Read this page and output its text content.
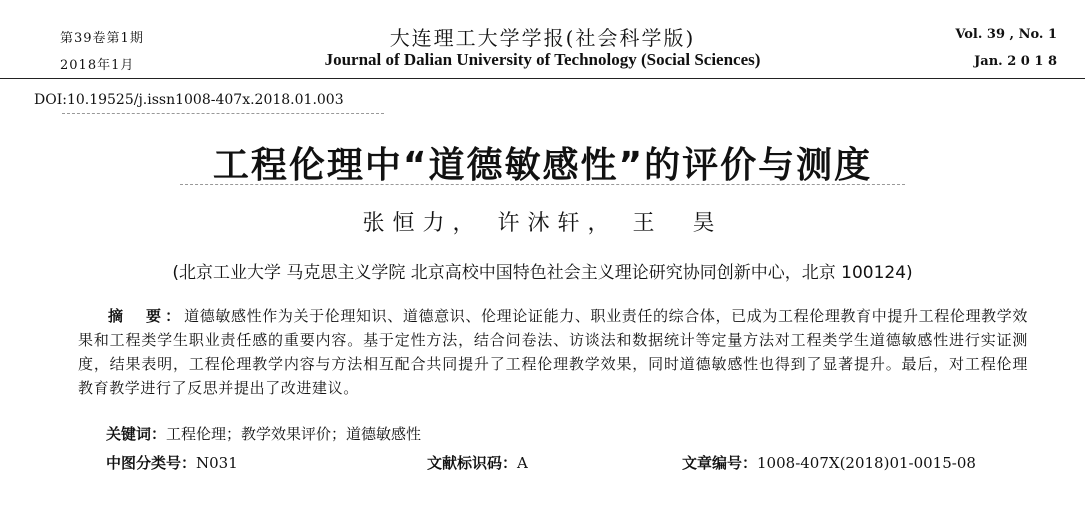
第39卷第1期
2018年1月
大连理工大学学报(社会科学版)
Journal of Dalian University of Technology (Social Sciences)
Vol. 39 , No. 1
Jan. 2 0 1 8
DOI:10.19525/j.issn1008-407x.2018.01.003
工程伦理中“道德敏感性”的评价与测度
张恒力， 许沐轩， 王　昊
(北京工业大学 马克思主义学院 北京高校中国特色社会主义理论研究协同创新中心，北京 100124)
摘　要：道德敏感性作为关于伦理知识、道德意识、伦理论证能力、职业责任的综合体，已成为工程伦理教育中提升工程伦理教学效果和工程类学生职业责任感的重要内容。基于定性方法，结合问卷法、访谈法和数据统计等定量方法对工程类学生道德敏感性进行实证测度，结果表明，工程伦理教学内容与方法相互配合共同提升了工程伦理教学效果，同时道德敏感性也得到了显著提升。最后，对工程伦理教育教学进行了反思并提出了改进建议。
关键词：工程伦理；教学效果评价；道德敏感性
中图分类号：N031	文献标识码：A	文章编号：1008-407X(2018)01-0015-08
